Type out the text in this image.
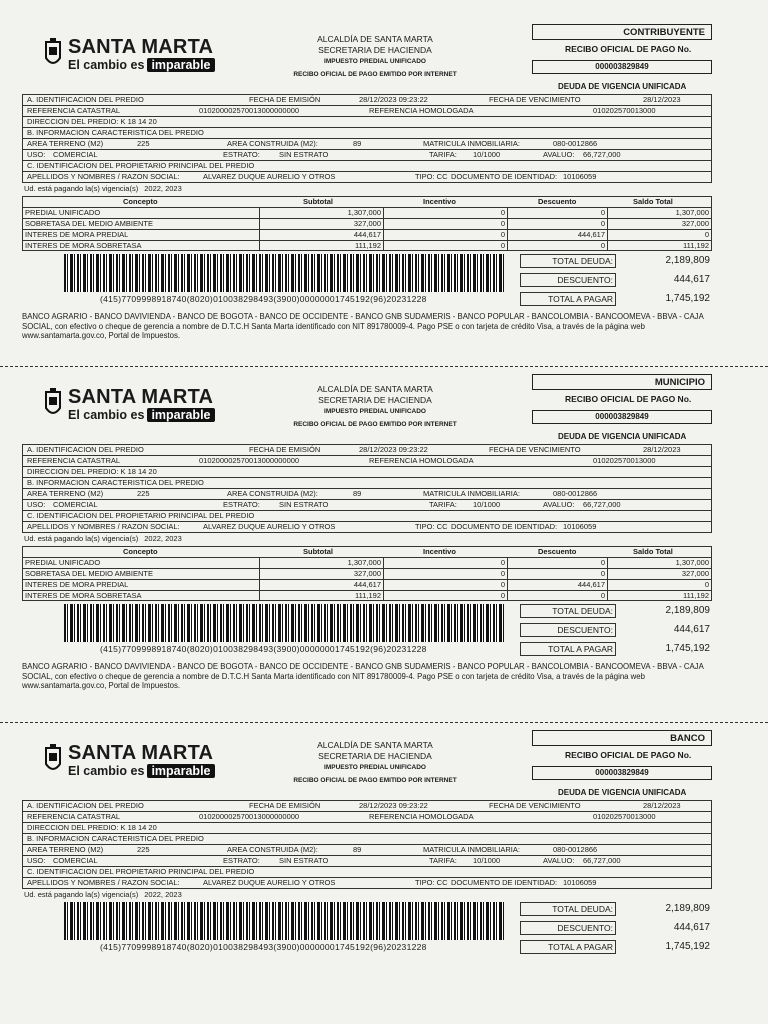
SANTA MARTA
El cambio es imparable
ALCALDÍA DE SANTA MARTA
SECRETARIA DE HACIENDA
IMPUESTO PREDIAL UNIFICADO
RECIBO OFICIAL DE PAGO EMITIDO POR INTERNET
CONTRIBUYENTE
RECIBO OFICIAL DE PAGO No.
000003829849
DEUDA DE VIGENCIA UNIFICADA
A. IDENTIFICACION DEL PREDIO	FECHA DE EMISIÓN	28/12/2023 09:23:22	FECHA DE VENCIMIENTO	28/12/2023
REFERENCIA CATASTRAL	010200002570013000000000	REFERENCIA HOMOLOGADA	010202570013000
DIRECCION DEL PREDIO: K 18 14 20
B. INFORMACION CARACTERISTICA DEL PREDIO
AREA TERRENO (M2)	225	AREA CONSTRUIDA (M2):	89	MATRICULA INMOBILIARIA:	080-0012866
USO: COMERCIAL	ESTRATO:	SIN ESTRATO	TARIFA: 10/1000	AVALUO: 66,727,000
C. IDENTIFICACION DEL PROPIETARIO PRINCIPAL DEL PREDIO
APELLIDOS Y NOMBRES / RAZON SOCIAL:	ALVAREZ DUQUE AURELIO Y OTROS	TIPO: CC DOCUMENTO DE IDENTIDAD: 10106059
Ud. está pagando la(s) vigencia(s) 2022, 2023
Concepto	Subtotal	Incentivo	Descuento	Saldo Total
PREDIAL UNIFICADO	1,307,000	0	0	1,307,000
SOBRETASA DEL MEDIO AMBIENTE	327,000	0	0	327,000
INTERES DE MORA PREDIAL	444,617	0	444,617	0
INTERES DE MORA SOBRETASA	111,192	0	0	111,192
(415)7709998918740(8020)010038298493(3900)00000001745192(96)20231228
TOTAL DEUDA:	2,189,809
DESCUENTO:	444,617
TOTAL A PAGAR	1,745,192
BANCO AGRARIO - BANCO DAVIVIENDA - BANCO DE BOGOTA - BANCO DE OCCIDENTE - BANCO GNB SUDAMERIS - BANCO POPULAR - BANCOLOMBIA - BANCOOMEVA - BBVA - CAJA SOCIAL, con efectivo o cheque de gerencia a nombre de D.T.C.H Santa Marta identificado con NIT 891780009-4. Pago PSE o con tarjeta de crédito Visa, a través de la página web www.santamarta.gov.co, Portal de Impuestos.
SANTA MARTA
El cambio es imparable
ALCALDÍA DE SANTA MARTA
SECRETARIA DE HACIENDA
IMPUESTO PREDIAL UNIFICADO
RECIBO OFICIAL DE PAGO EMITIDO POR INTERNET
MUNICIPIO
RECIBO OFICIAL DE PAGO No.
000003829849
DEUDA DE VIGENCIA UNIFICADA
A. IDENTIFICACION DEL PREDIO	FECHA DE EMISIÓN	28/12/2023 09:23:22	FECHA DE VENCIMIENTO	28/12/2023
REFERENCIA CATASTRAL	010200002570013000000000	REFERENCIA HOMOLOGADA	010202570013000
DIRECCION DEL PREDIO: K 18 14 20
B. INFORMACION CARACTERISTICA DEL PREDIO
AREA TERRENO (M2)	225	AREA CONSTRUIDA (M2):	89	MATRICULA INMOBILIARIA:	080-0012866
USO: COMERCIAL	ESTRATO:	SIN ESTRATO	TARIFA: 10/1000	AVALUO: 66,727,000
C. IDENTIFICACION DEL PROPIETARIO PRINCIPAL DEL PREDIO
APELLIDOS Y NOMBRES / RAZON SOCIAL:	ALVAREZ DUQUE AURELIO Y OTROS	TIPO: CC DOCUMENTO DE IDENTIDAD: 10106059
Ud. está pagando la(s) vigencia(s) 2022, 2023
Concepto	Subtotal	Incentivo	Descuento	Saldo Total
PREDIAL UNIFICADO	1,307,000	0	0	1,307,000
SOBRETASA DEL MEDIO AMBIENTE	327,000	0	0	327,000
INTERES DE MORA PREDIAL	444,617	0	444,617	0
INTERES DE MORA SOBRETASA	111,192	0	0	111,192
(415)7709998918740(8020)010038298493(3900)00000001745192(96)20231228
TOTAL DEUDA:	2,189,809
DESCUENTO:	444,617
TOTAL A PAGAR	1,745,192
BANCO AGRARIO - BANCO DAVIVIENDA - BANCO DE BOGOTA - BANCO DE OCCIDENTE - BANCO GNB SUDAMERIS - BANCO POPULAR - BANCOLOMBIA - BANCOOMEVA - BBVA - CAJA SOCIAL, con efectivo o cheque de gerencia a nombre de D.T.C.H Santa Marta identificado con NIT 891780009-4. Pago PSE o con tarjeta de crédito Visa, a través de la página web www.santamarta.gov.co, Portal de Impuestos.
SANTA MARTA
El cambio es imparable
ALCALDÍA DE SANTA MARTA
SECRETARIA DE HACIENDA
IMPUESTO PREDIAL UNIFICADO
RECIBO OFICIAL DE PAGO EMITIDO POR INTERNET
BANCO
RECIBO OFICIAL DE PAGO No.
000003829849
DEUDA DE VIGENCIA UNIFICADA
A. IDENTIFICACION DEL PREDIO	FECHA DE EMISIÓN	28/12/2023 09:23:22	FECHA DE VENCIMIENTO	28/12/2023
REFERENCIA CATASTRAL	010200002570013000000000	REFERENCIA HOMOLOGADA	010202570013000
DIRECCION DEL PREDIO: K 18 14 20
B. INFORMACION CARACTERISTICA DEL PREDIO
AREA TERRENO (M2)	225	AREA CONSTRUIDA (M2):	89	MATRICULA INMOBILIARIA:	080-0012866
USO: COMERCIAL	ESTRATO:	SIN ESTRATO	TARIFA: 10/1000	AVALUO: 66,727,000
C. IDENTIFICACION DEL PROPIETARIO PRINCIPAL DEL PREDIO
APELLIDOS Y NOMBRES / RAZON SOCIAL:	ALVAREZ DUQUE AURELIO Y OTROS	TIPO: CC DOCUMENTO DE IDENTIDAD: 10106059
Ud. está pagando la(s) vigencia(s) 2022, 2023
(415)7709998918740(8020)010038298493(3900)00000001745192(96)20231228
TOTAL DEUDA:	2,189,809
DESCUENTO:	444,617
TOTAL A PAGAR	1,745,192
